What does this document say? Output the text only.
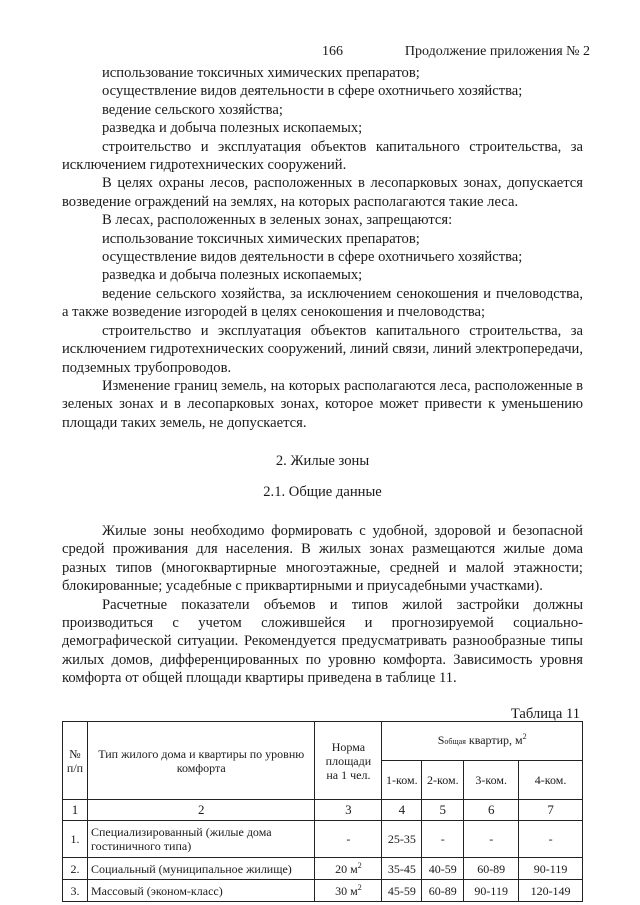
166	Продолжение приложения № 2

использование токсичных химических препаратов;

осуществление видов деятельности в сфере охотничьего хозяйства;

ведение сельского хозяйства;

разведка и добыча полезных ископаемых;

строительство и эксплуатация объектов капитального строительства, за исключением гидротехнических сооружений.

В целях охраны лесов, расположенных в лесопарковых зонах, допускается возведение ограждений на землях, на которых располагаются такие леса.

В лесах, расположенных в зеленых зонах, запрещаются:

использование токсичных химических препаратов;

осуществление видов деятельности в сфере охотничьего хозяйства;

разведка и добыча полезных ископаемых;

ведение сельского хозяйства, за исключением сенокошения и пчеловодства, а также возведение изгородей в целях сенокошения и пчеловодства;

строительство и эксплуатация объектов капитального строительства, за исключением гидротехнических сооружений, линий связи, линий электропередачи, подземных трубопроводов.

Изменение границ земель, на которых располагаются леса, расположенные в зеленых зонах и в лесопарковых зонах, которое может привести к уменьшению площади таких земель, не допускается.

2. Жилые зоны

2.1. Общие данные

Жилые зоны необходимо формировать с удобной, здоровой и безопасной средой проживания для населения. В жилых зонах размещаются жилые дома разных типов (многоквартирные многоэтажные, средней и малой этажности; блокированные; усадебные с приквартирными и приусадебными участками).

Расчетные показатели объемов и типов жилой застройки должны производиться с учетом сложившейся и прогнозируемой социально-демографической ситуации. Рекомендуется предусматривать разнообразные типы жилых домов, дифференцированных по уровню комфорта. Зависимость уровня комфорта от общей площади квартиры приведена в таблице 11.

Таблица 11
№ п/п	Тип жилого дома и квартиры по уровню комфорта	Норма площади на 1 чел.	Sобщая квартир, $м^2$
			1-ком.	2-ком.	3-ком.	4-ком.
1	2	3	4	5	6	7
1.	Специализированный (жилые дома гостиничного типа)	-	25-35	-	-	-
2.	Социальный (муниципальное жилище)	20 $м^2$	35-45	40-59	60-89	90-119
3.	Массовый (эконом-класс)	30 $м^2$	45-59	60-89	90-119	120-149
